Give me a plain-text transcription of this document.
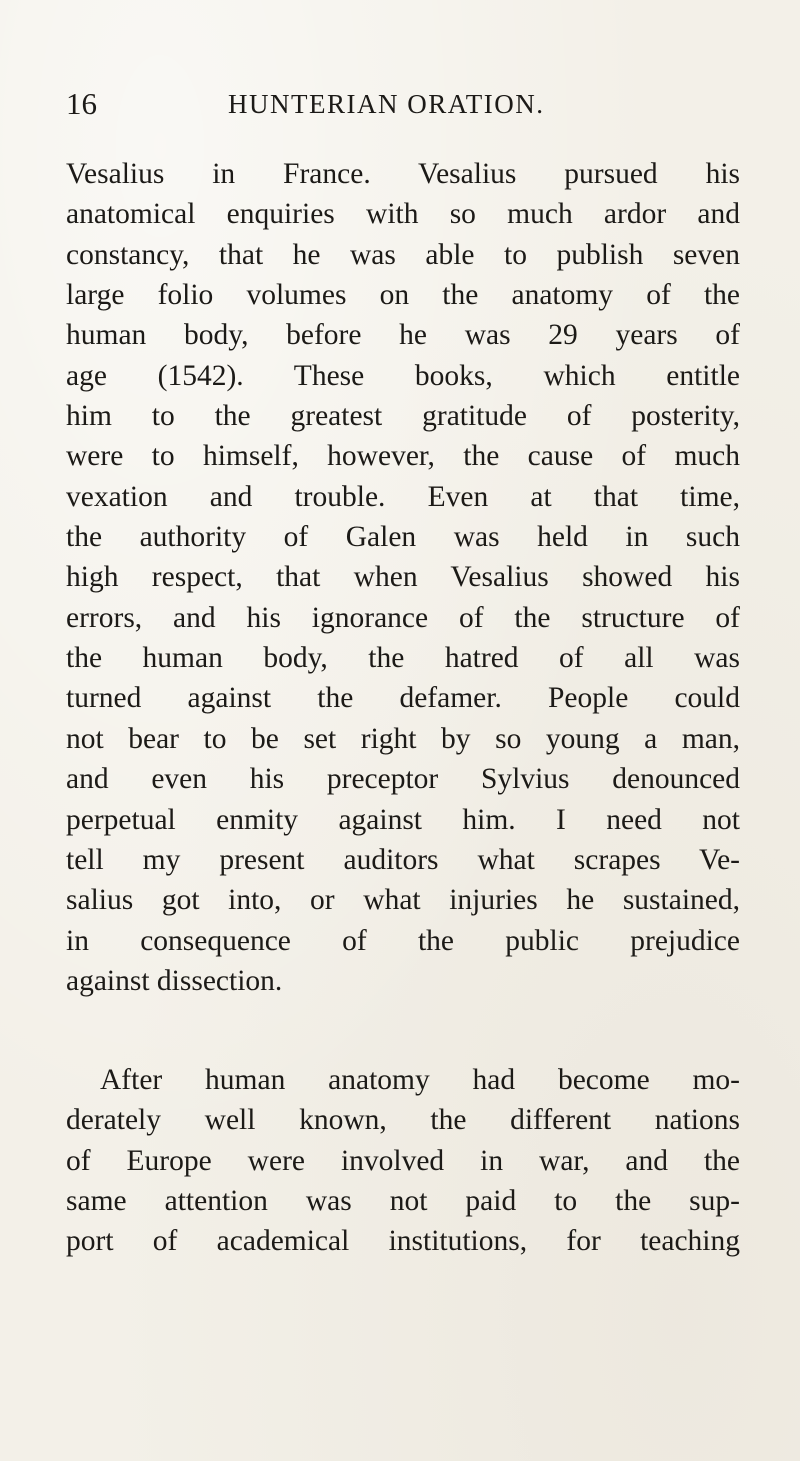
16	HUNTERIAN ORATION.
Vesalius in France. Vesalius pursued his
anatomical enquiries with so much ardor and
constancy, that he was able to publish seven
large folio volumes on the anatomy of the
human body, before he was 29 years of
age (1542). These books, which entitle
him to the greatest gratitude of posterity,
were to himself, however, the cause of much
vexation and trouble. Even at that time,
the authority of Galen was held in such
high respect, that when Vesalius showed his
errors, and his ignorance of the structure of
the human body, the hatred of all was
turned against the defamer. People could
not bear to be set right by so young a man,
and even his preceptor Sylvius denounced
perpetual enmity against him. I need not
tell my present auditors what scrapes Ve-
salius got into, or what injuries he sustained,
in consequence of the public prejudice
against dissection.
After human anatomy had become mo-
derately well known, the different nations
of Europe were involved in war, and the
same attention was not paid to the sup-
port of academical institutions, for teaching
